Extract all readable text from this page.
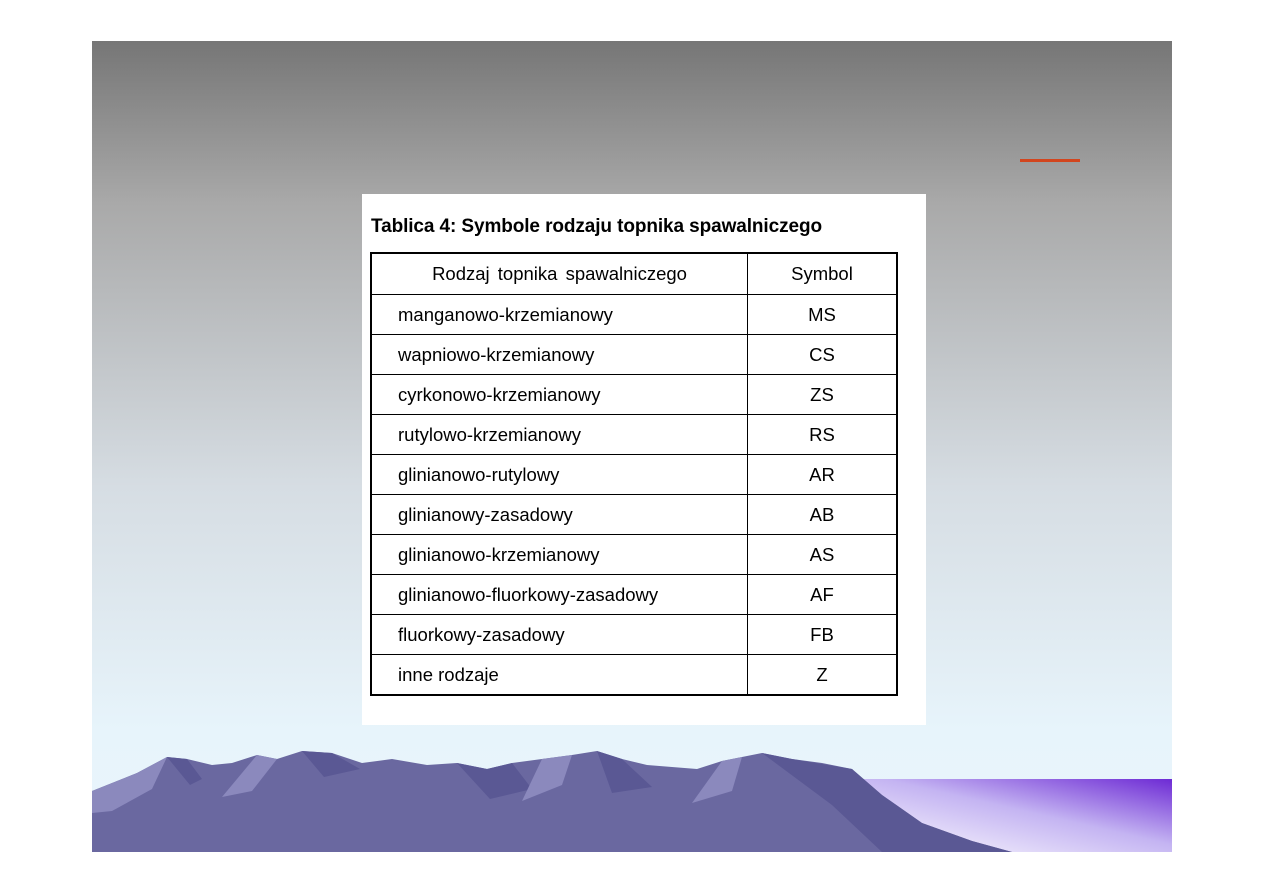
Tablica 4: Symbole rodzaju topnika spawalniczego
Rodzaj topnika spawalniczego	Symbol
manganowo-krzemianowy	MS
wapniowo-krzemianowy	CS
cyrkonowo-krzemianowy	ZS
rutylowo-krzemianowy	RS
glinianowo-rutylowy	AR
glinianowy-zasadowy	AB
glinianowo-krzemianowy	AS
glinianowo-fluorkowy-zasadowy	AF
fluorkowy-zasadowy	FB
inne rodzaje	Z
